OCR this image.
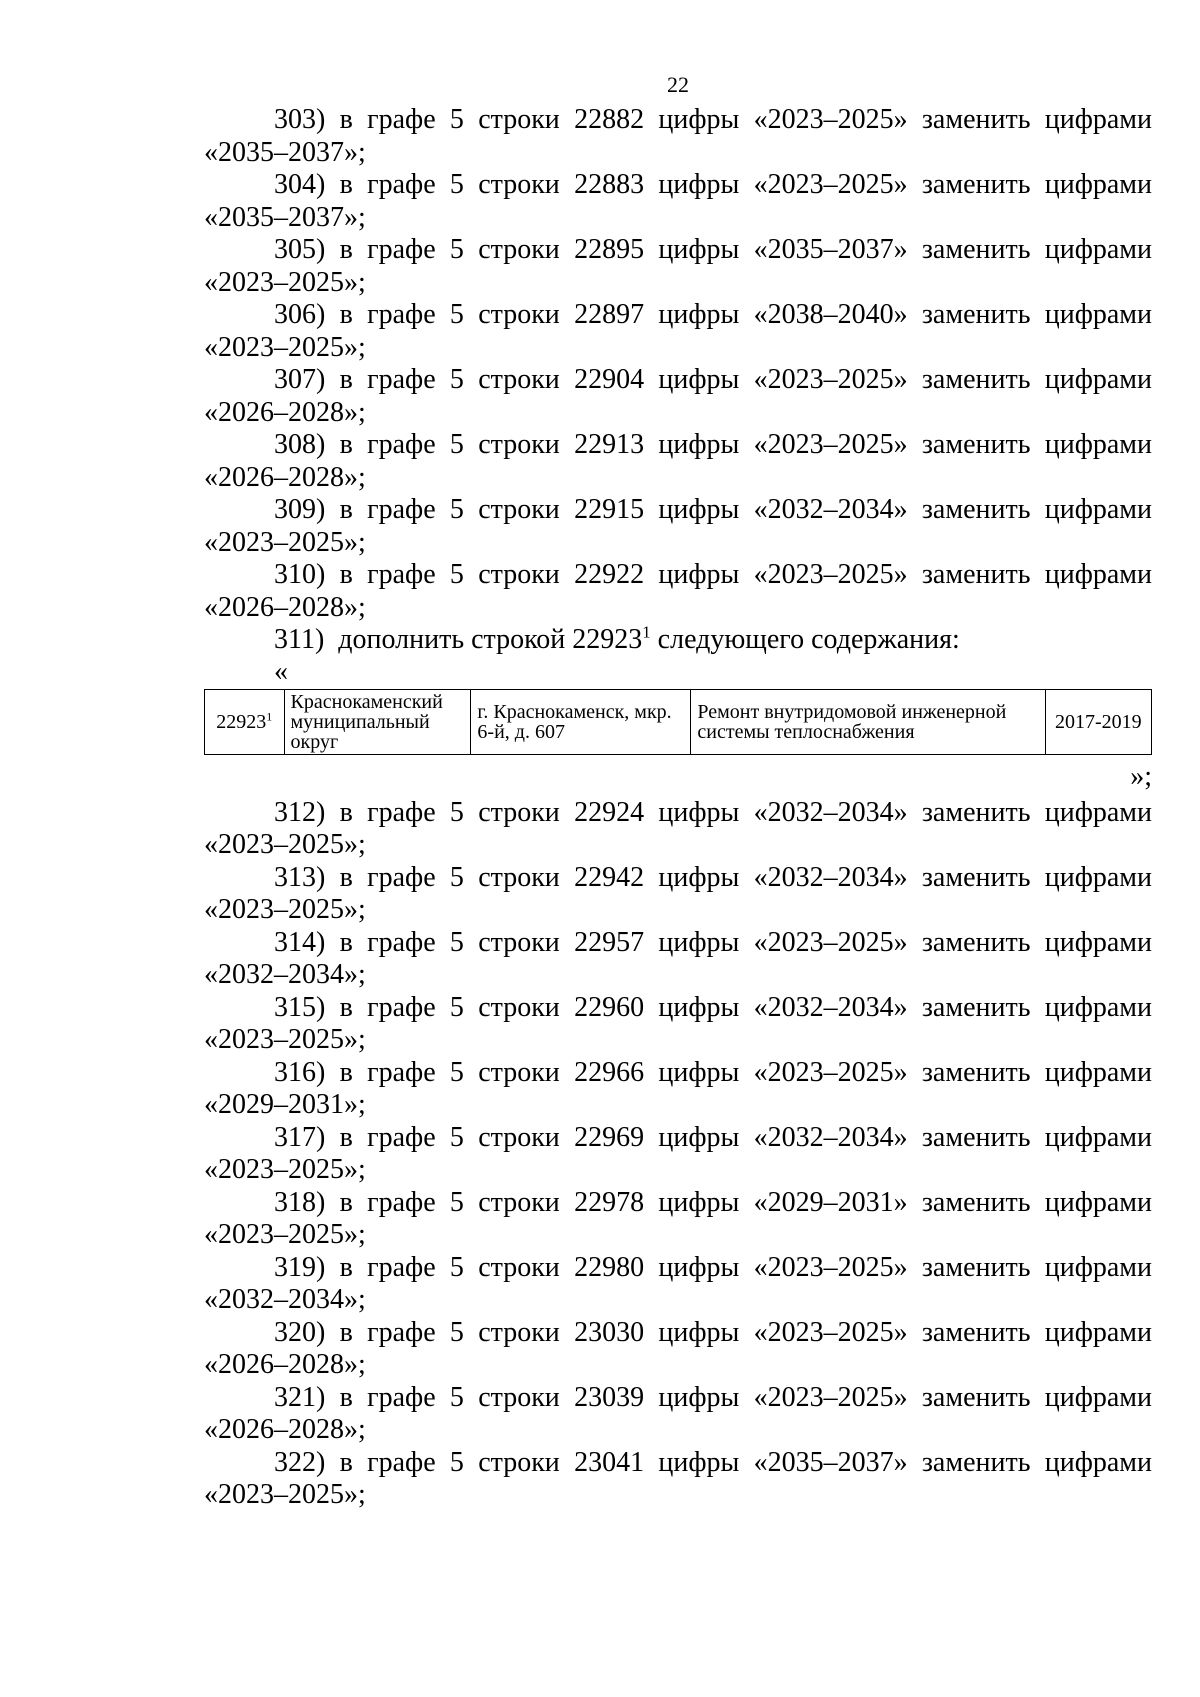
22
303) в графе 5 строки 22882 цифры «2023–2025» заменить цифрами
«2035–2037»;
304) в графе 5 строки 22883 цифры «2023–2025» заменить цифрами
«2035–2037»;
305) в графе 5 строки 22895 цифры «2035–2037» заменить цифрами
«2023–2025»;
306) в графе 5 строки 22897 цифры «2038–2040» заменить цифрами
«2023–2025»;
307) в графе 5 строки 22904 цифры «2023–2025» заменить цифрами
«2026–2028»;
308) в графе 5 строки 22913 цифры «2023–2025» заменить цифрами
«2026–2028»;
309) в графе 5 строки 22915 цифры «2032–2034» заменить цифрами
«2023–2025»;
310) в графе 5 строки 22922 цифры «2023–2025» заменить цифрами
«2026–2028»;
311) дополнить строкой 22923$^1$ следующего содержания:
«
22923$^1$	Краснокаменский муниципальный округ	г. Краснокаменск, мкр. 6-й, д. 607	Ремонт внутридомовой инженерной системы теплоснабжения	2017-2019
»;
312) в графе 5 строки 22924 цифры «2032–2034» заменить цифрами
«2023–2025»;
313) в графе 5 строки 22942 цифры «2032–2034» заменить цифрами
«2023–2025»;
314) в графе 5 строки 22957 цифры «2023–2025» заменить цифрами
«2032–2034»;
315) в графе 5 строки 22960 цифры «2032–2034» заменить цифрами
«2023–2025»;
316) в графе 5 строки 22966 цифры «2023–2025» заменить цифрами
«2029–2031»;
317) в графе 5 строки 22969 цифры «2032–2034» заменить цифрами
«2023–2025»;
318) в графе 5 строки 22978 цифры «2029–2031» заменить цифрами
«2023–2025»;
319) в графе 5 строки 22980 цифры «2023–2025» заменить цифрами
«2032–2034»;
320) в графе 5 строки 23030 цифры «2023–2025» заменить цифрами
«2026–2028»;
321) в графе 5 строки 23039 цифры «2023–2025» заменить цифрами
«2026–2028»;
322) в графе 5 строки 23041 цифры «2035–2037» заменить цифрами
«2023–2025»;
